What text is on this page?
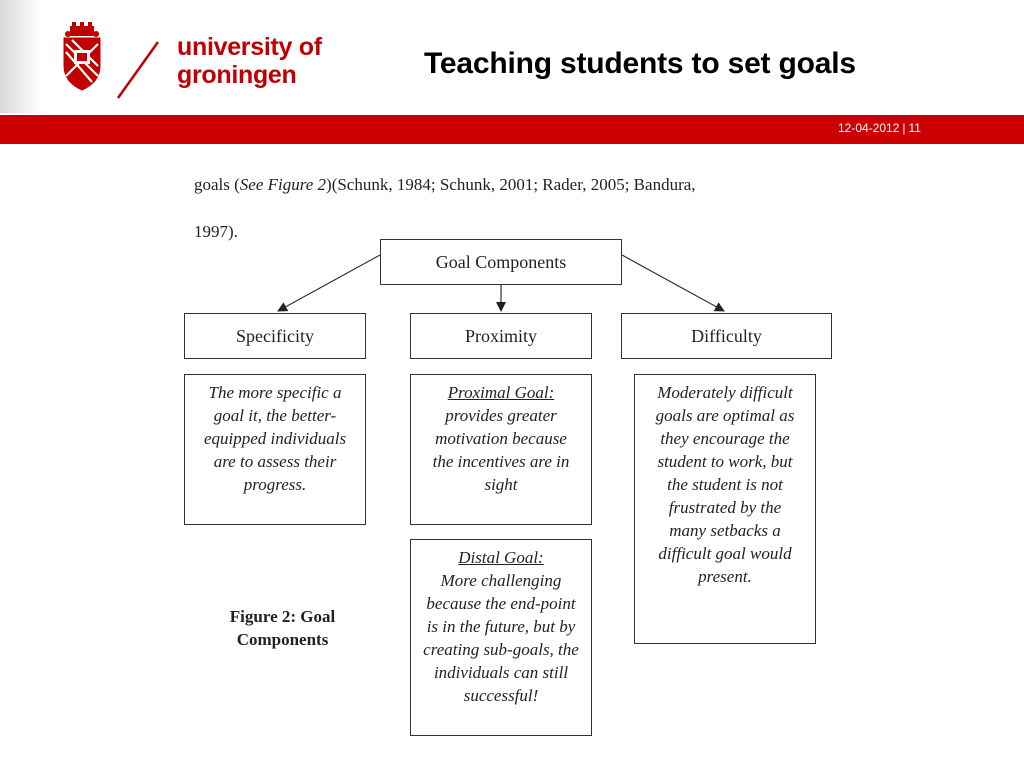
university of
groningen	Teaching students to set goals
12-04-2012 | 11
goals (See Figure 2)(Schunk, 1984; Schunk, 2001; Rader, 2005; Bandura,
1997).
Goal Components
Specificity	Proximity	Difficulty
The more specific a goal it, the better-equipped individuals are to assess their progress.
Proximal Goal:
provides greater motivation because the incentives are in sight
Distal Goal:
More challenging because the end-point is in the future, but by creating sub-goals, the individuals can still successful!
Moderately difficult goals are optimal as they encourage the student to work, but the student is not frustrated by the many setbacks a difficult goal would present.
Figure 2: Goal Components
